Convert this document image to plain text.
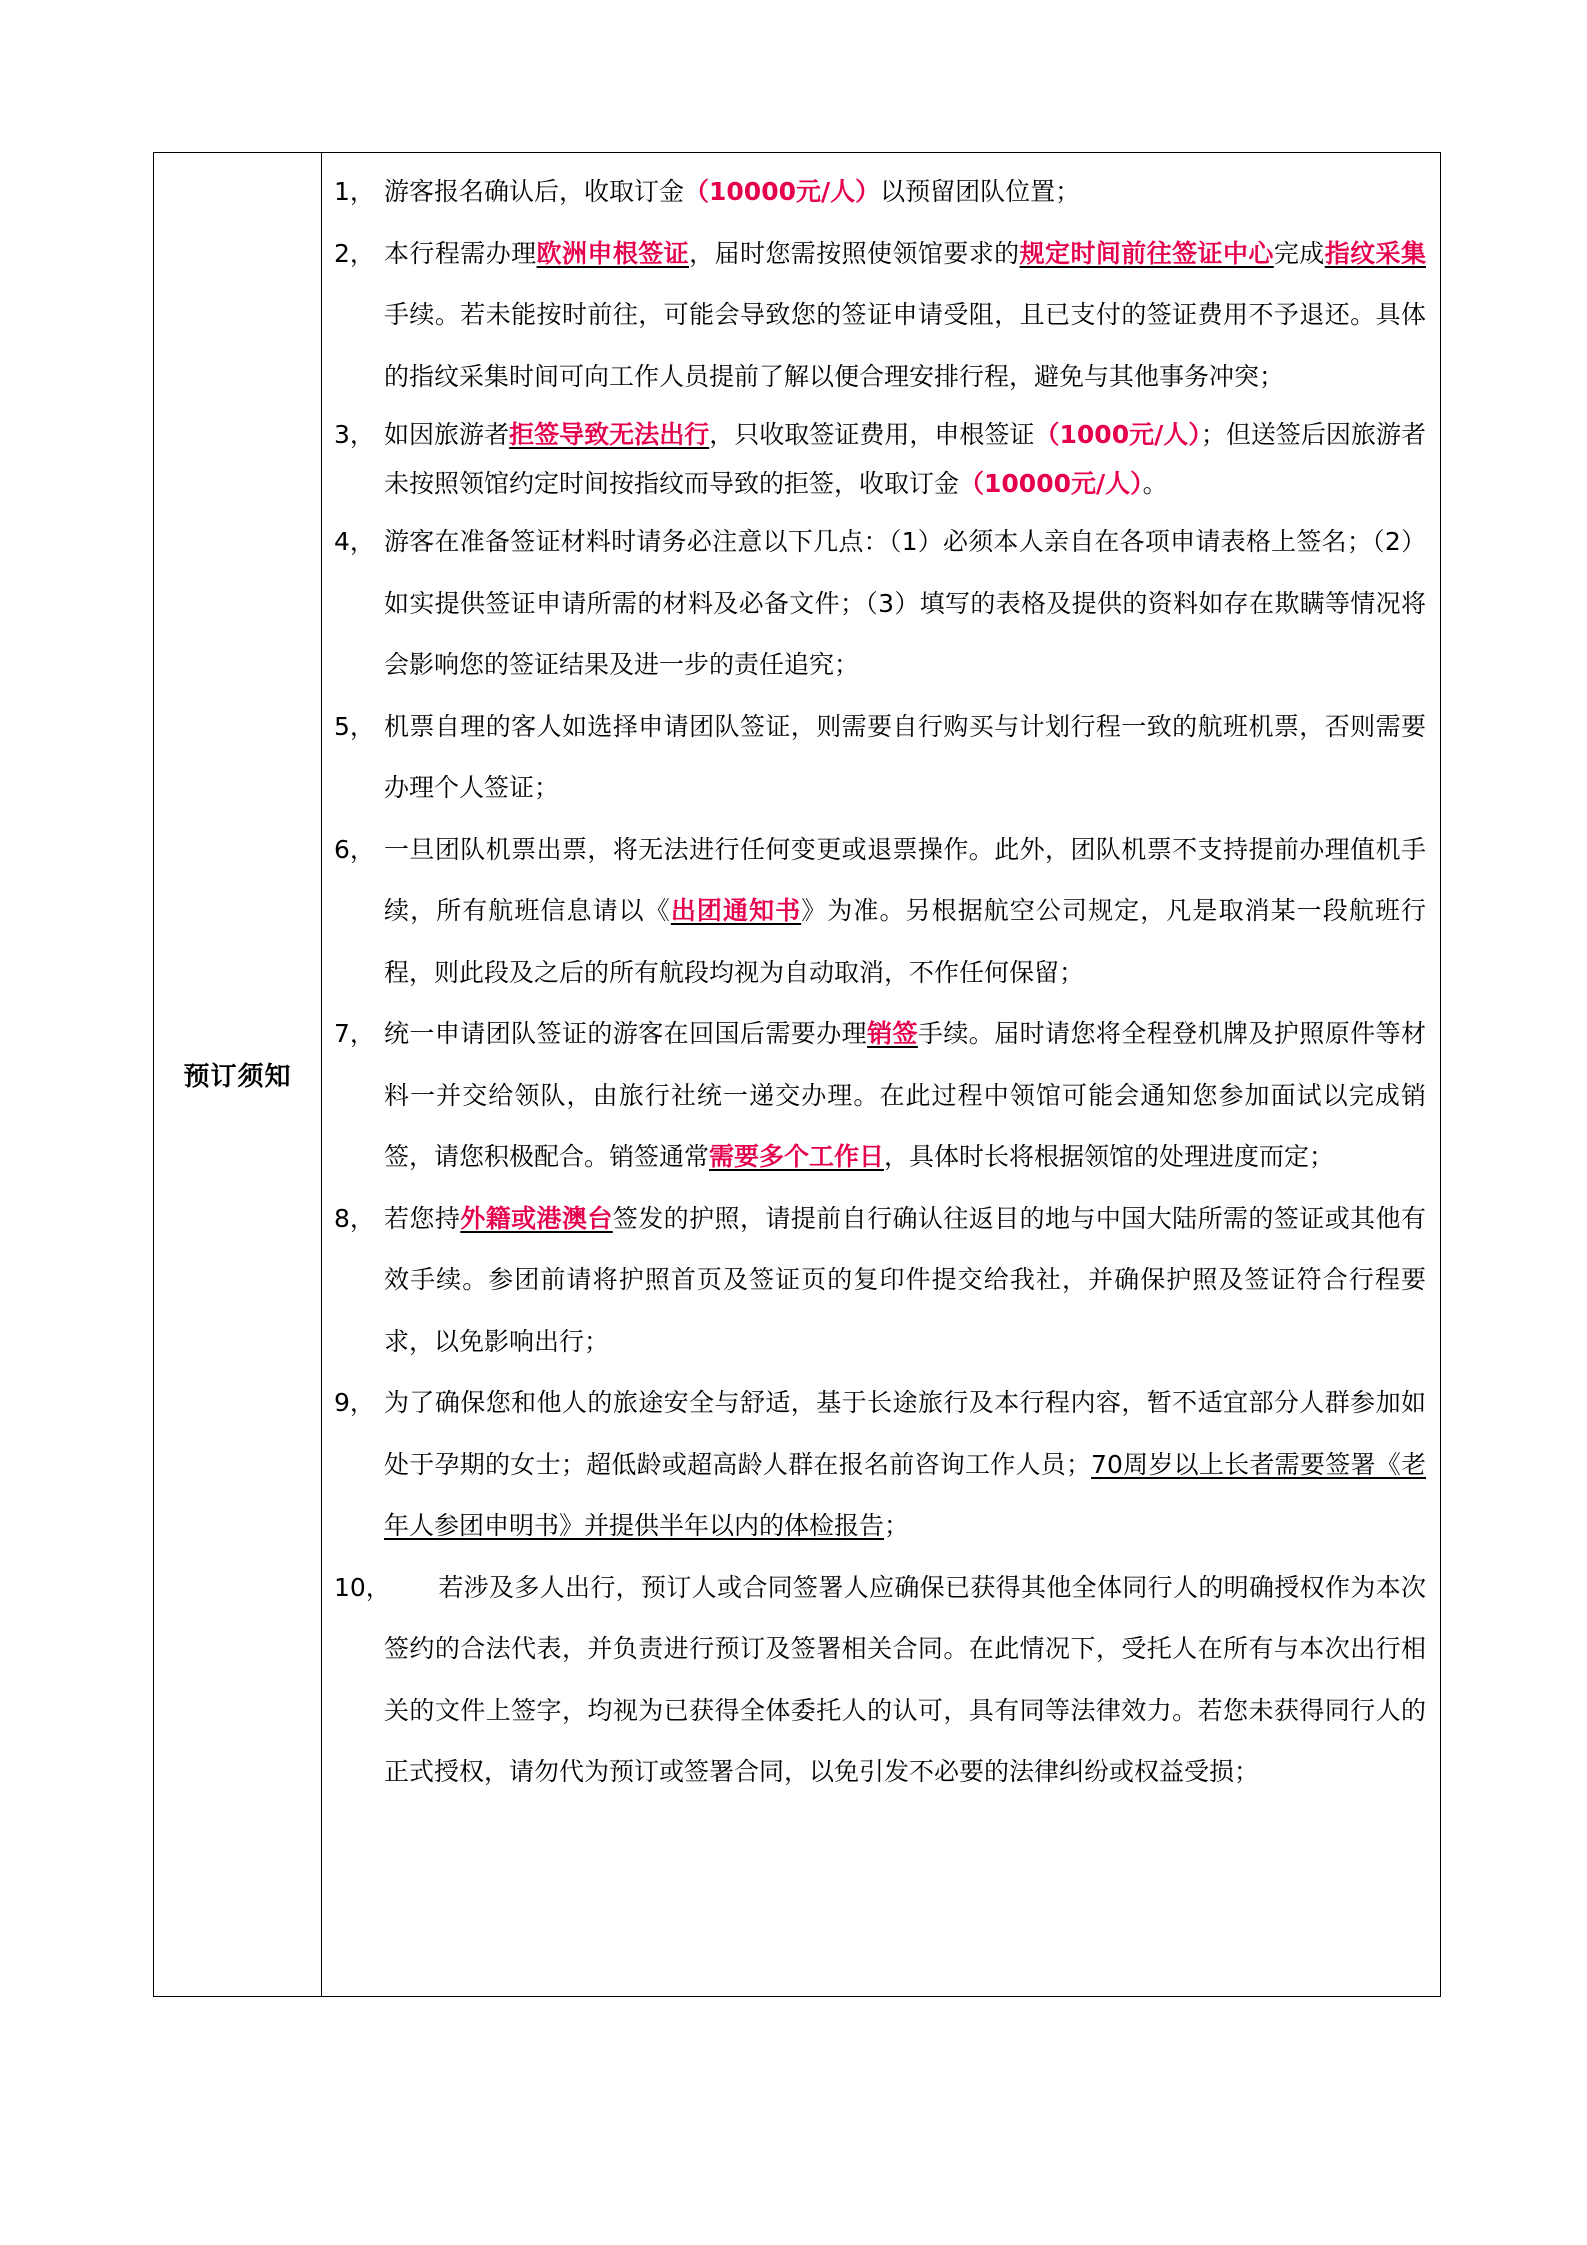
预订须知
1， 游客报名确认后，收取订金（10000元/人）以预留团队位置；
2， 本行程需办理欧洲申根签证，届时您需按照使领馆要求的规定时间前往签证中心完成指纹采集手续。若未能按时前往，可能会导致您的签证申请受阻，且已支付的签证费用不予退还。具体的指纹采集时间可向工作人员提前了解以便合理安排行程，避免与其他事务冲突；
3， 如因旅游者拒签导致无法出行，只收取签证费用，申根签证（1000元/人）；但送签后因旅游者未按照领馆约定时间按指纹而导致的拒签，收取订金（10000元/人）。
4， 游客在准备签证材料时请务必注意以下几点：（1）必须本人亲自在各项申请表格上签名；（2）如实提供签证申请所需的材料及必备文件；（3）填写的表格及提供的资料如存在欺瞒等情况将会影响您的签证结果及进一步的责任追究；
5， 机票自理的客人如选择申请团队签证，则需要自行购买与计划行程一致的航班机票，否则需要办理个人签证；
6， 一旦团队机票出票，将无法进行任何变更或退票操作。此外，团队机票不支持提前办理值机手续，所有航班信息请以《出团通知书》为准。另根据航空公司规定，凡是取消某一段航班行程，则此段及之后的所有航段均视为自动取消，不作任何保留；
7， 统一申请团队签证的游客在回国后需要办理销签手续。届时请您将全程登机牌及护照原件等材料一并交给领队，由旅行社统一递交办理。在此过程中领馆可能会通知您参加面试以完成销签，请您积极配合。销签通常需要多个工作日，具体时长将根据领馆的处理进度而定；
8， 若您持外籍或港澳台签发的护照，请提前自行确认往返目的地与中国大陆所需的签证或其他有效手续。参团前请将护照首页及签证页的复印件提交给我社，并确保护照及签证符合行程要求，以免影响出行；
9， 为了确保您和他人的旅途安全与舒适，基于长途旅行及本行程内容，暂不适宜部分人群参加如处于孕期的女士；超低龄或超高龄人群在报名前咨询工作人员；70周岁以上长者需要签署《老年人参团申明书》并提供半年以内的体检报告；
10，	若涉及多人出行，预订人或合同签署人应确保已获得其他全体同行人的明确授权作为本次签约的合法代表，并负责进行预订及签署相关合同。在此情况下，受托人在所有与本次出行相关的文件上签字，均视为已获得全体委托人的认可，具有同等法律效力。若您未获得同行人的正式授权，请勿代为预订或签署合同，以免引发不必要的法律纠纷或权益受损；
